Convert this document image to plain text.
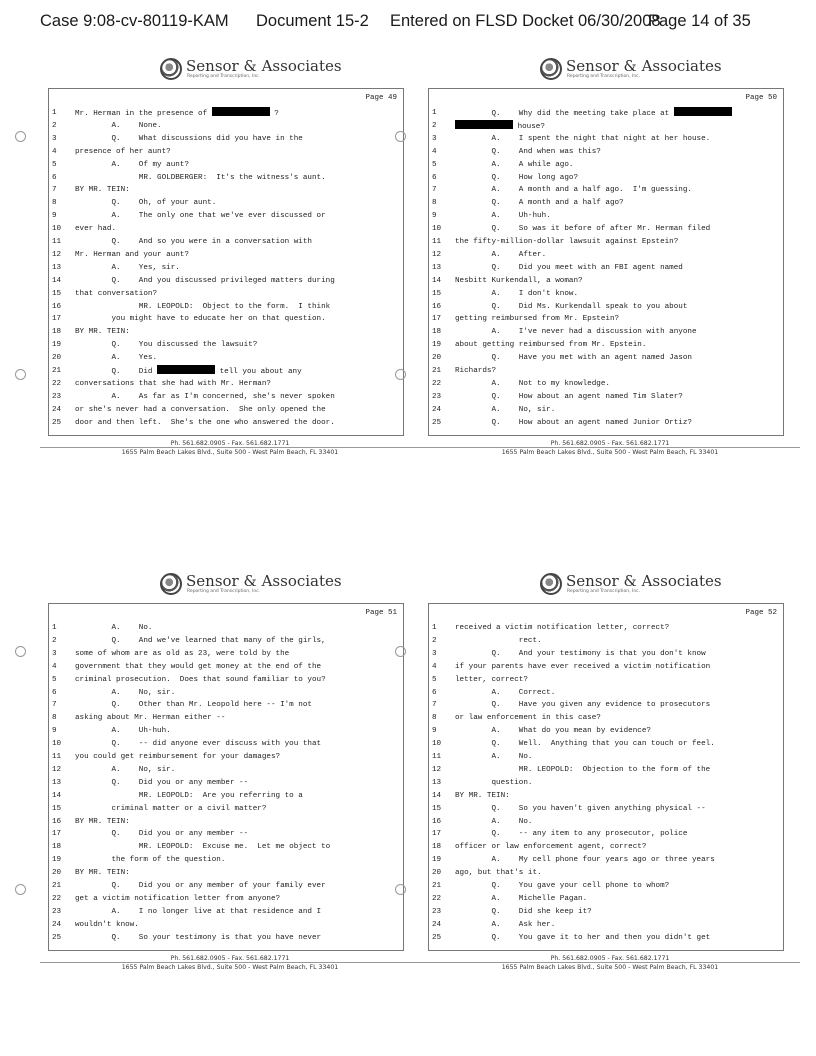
Case 9:08-cv-80119-KAM Document 15-2 Entered on FLSD Docket 06/30/2008
Page 14 of 35
Sensor & Associates
Reporting and Transcription, Inc.
Page 49
1	Mr. Herman in the presence of	?
2	A.    None.
3	Q.    What discussions did you have in the
4	presence of her aunt?
5	A.    Of my aunt?
6	MR. GOLDBERGER:  It's the witness's aunt.
7	BY MR. TEIN:
8	Q.    Oh, of your aunt.
9	A.    The only one that we've ever discussed or
10	ever had.
11	Q.    And so you were in a conversation with
12	Mr. Herman and your aunt?
13	A.    Yes, sir.
14	Q.    And you discussed privileged matters during
15	that conversation?
16	MR. LEOPOLD:  Object to the form.  I think
17	you might have to educate her on that question.
18	BY MR. TEIN:
19	Q.    You discussed the lawsuit?
20	A.    Yes.
21	Q.    Did	tell you about any
22	conversations that she had with Mr. Herman?
23	A.    As far as I'm concerned, she's never spoken
24	or she's never had a conversation.  She only opened the
25	door and then left.  She's the one who answered the door.
Ph. 561.682.0905 - Fax. 561.682.1771
1655 Palm Beach Lakes Blvd., Suite 500 - West Palm Beach, FL 33401
Sensor & Associates
Reporting and Transcription, Inc.
Page 50
1	Q.    Why did the meeting take place at
2	house?
3	A.    I spent the night that night at her house.
4	Q.    And when was this?
5	A.    A while ago.
6	Q.    How long ago?
7	A.    A month and a half ago.  I'm guessing.
8	Q.    A month and a half ago?
9	A.    Uh-huh.
10	Q.    So was it before of after Mr. Herman filed
11	the fifty-million-dollar lawsuit against Epstein?
12	A.    After.
13	Q.    Did you meet with an FBI agent named
14	Nesbitt Kurkendall, a woman?
15	A.    I don't know.
16	Q.    Did Ms. Kurkendall speak to you about
17	getting reimbursed from Mr. Epstein?
18	A.    I've never had a discussion with anyone
19	about getting reimbursed from Mr. Epstein.
20	Q.    Have you met with an agent named Jason
21	Richards?
22	A.    Not to my knowledge.
23	Q.    How about an agent named Tim Slater?
24	A.    No, sir.
25	Q.    How about an agent named Junior Ortiz?
Ph. 561.682.0905 - Fax. 561.682.1771
1655 Palm Beach Lakes Blvd., Suite 500 - West Palm Beach, FL 33401
Sensor & Associates
Reporting and Transcription, Inc.
Page 51
1	A.    No.
2	Q.    And we've learned that many of the girls,
3	some of whom are as old as 23, were told by the
4	government that they would get money at the end of the
5	criminal prosecution.  Does that sound familiar to you?
6	A.    No, sir.
7	Q.    Other than Mr. Leopold here -- I'm not
8	asking about Mr. Herman either --
9	A.    Uh-huh.
10	Q.    -- did anyone ever discuss with you that
11	you could get reimbursement for your damages?
12	A.    No, sir.
13	Q.    Did you or any member --
14	MR. LEOPOLD:  Are you referring to a
15	criminal matter or a civil matter?
16	BY MR. TEIN:
17	Q.    Did you or any member --
18	MR. LEOPOLD:  Excuse me.  Let me object to
19	the form of the question.
20	BY MR. TEIN:
21	Q.    Did you or any member of your family ever
22	get a victim notification letter from anyone?
23	A.    I no longer live at that residence and I
24	wouldn't know.
25	Q.    So your testimony is that you have never
Ph. 561.682.0905 - Fax. 561.682.1771
1655 Palm Beach Lakes Blvd., Suite 500 - West Palm Beach, FL 33401
Sensor & Associates
Reporting and Transcription, Inc.
Page 52
1	received a victim notification letter, correct?
2	rect.
3	Q.    And your testimony is that you don't know
4	if your parents have ever received a victim notification
5	letter, correct?
6	A.    Correct.
7	Q.    Have you given any evidence to prosecutors
8	or law enforcement in this case?
9	A.    What do you mean by evidence?
10	Q.    Well.  Anything that you can touch or feel.
11	A.    No.
12	MR. LEOPOLD:  Objection to the form of the
13	question.
14	BY MR. TEIN:
15	Q.    So you haven't given anything physical --
16	A.    No.
17	Q.    -- any item to any prosecutor, police
18	officer or law enforcement agent, correct?
19	A.    My cell phone four years ago or three years
20	ago, but that's it.
21	Q.    You gave your cell phone to whom?
22	A.    Michelle Pagan.
23	Q.    Did she keep it?
24	A.    Ask her.
25	Q.    You gave it to her and then you didn't get
Ph. 561.682.0905 - Fax. 561.682.1771
1655 Palm Beach Lakes Blvd., Suite 500 - West Palm Beach, FL 33401
